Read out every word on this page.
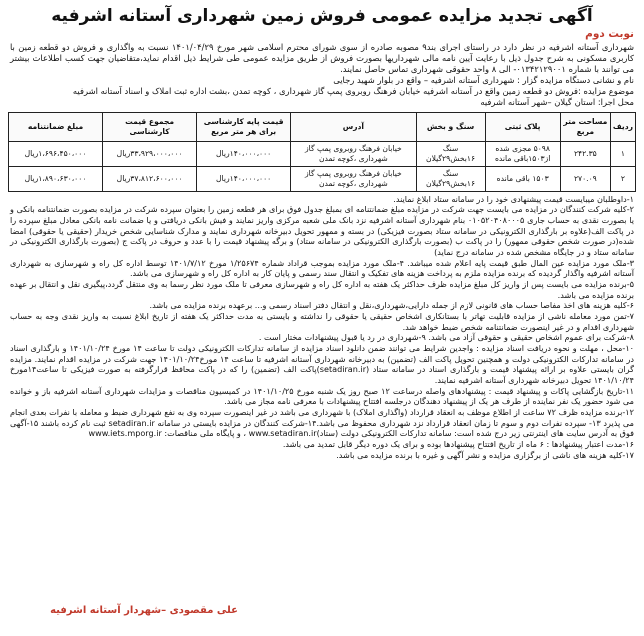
آگهی تجدید مزایده عمومی فروش زمین شهرداری آستانه اشرفیه
نوبت دوم

شهرداری آستانه اشرفیه در نظر دارد در راستای اجرای بند۹ مصوبه صادره از سوی شورای محترم اسلامی شهر مورخ ۱۴۰۱/۰۴/۲۹ نسبت به واگذاری و فروش دو قطعه زمین با کاربری مسکونی به شرح جدول ذیل با رعایت آیین نامه مالی شهرداریها بصورت فروش از طریق مزایده عمومی طی شرایط ذیل اقدام نماید،متقاضیان جهت کسب اطلاعات بیشتر می توانند با شماره ۰۱۳۴۲۱۲۹۰۰۱- الی ۸ واحد حقوقی شهرداری تماس حاصل نمایند.

نام و نشانی دستگاه مزایده گزار : شهرداری آستانه اشرفیه – واقع در بلوار شهید رجایی

موضوع مزایده :فروش دو قطعه زمین واقع در آستانه اشرفیه خیابان فرهنگ روبروی پمپ گاز شهرداری ، کوچه تمدن ،بشت اداره ثبت املاک و اسناد آستانه اشرفیه

محل اجرا: استان گیلان –شهر آستانه اشرفیه

ردیف	مساحت متر مربع	پلاک ثبتی	سنگ و بخش	آدرس	قیمت پایه کارشناسی برای هر متر مربع	مجموع قیمت کارشناسی	مبلغ ضمانتنامه
۱	۲۴۲.۳۵	۵۰۹۸ مجزی شده از۱۵۰۳باقی مانده	سنگ ۱۶بخش۲۹گیلان	خیابان فرهنگ روبروی پمپ گاز شهرداری ،کوچه تمدن	۱۴۰،۰۰۰،۰۰۰ریال	۳۳،۹۲۹،۰۰۰،۰۰۰ریال	۱،۶۹۶،۴۵۰،۰۰۰ریال
۲	۲۷۰.۰۹	۱۵۰۳ باقی مانده	سنگ ۱۶بخش۲۹گیلان	خیابان فرهنگ روبروی پمپ گاز شهرداری ،کوچه تمدن	۱۴۰،۰۰۰،۰۰۰ریال	۳۷،۸۱۲،۶۰۰،۰۰۰ریال	۱،۸۹۰،۶۳۰،۰۰۰ریال

۱-داوطلبان میبایست قیمت پیشنهادی خود را در سامانه ستاد ابلاغ نمایند.

۲-کلیه شرکت کنندگان در مزایده می بایست جهت شرکت در مزایده مبلغ ضمانتنامه ای بمبلغ جدول فوق برای هر قطعه زمین را بعنوان سپرده شرکت در مزایده بصورت ضمانتنامه بانکی و یا بصورت نقدی به حساب جاری ۰۱۰۵۲۰۴۰۸۰۰۰۵ بنام شهرداری آستانه اشرفیه نزد بانک ملی شعبه مرکزی واریز نمایند و فیش بانکی دریافتی و یا ضمانت نامه بانکی معادل مبلغ سپرده را در پاکت الف(علاوه بر بارگذاری الکترونیکی در سامانه ستاد بصورت فیزیکی) در بسته و ممهور تحویل دبیرخانه شهرداری نمایند و مدارک شناسایی شخص خریدار (حقیقی یا حقوقی) امضا شده(در صورت شخص حقوقی ممهور) را در پاکت ب (بصورت بارگذاری الکترونیکی در سامانه ستاد) و برگه پیشنهاد قیمت را با عدد و حروف در پاکت ج (بصورت بارگذاری الکترونیکی در سامانه ستاد و در جایگاه مشخص شده در سامانه درج نماید)

۳-ملک مورد مزایده عین المال طبق قیمت پایه اعلام شده میباشد. ۴-ملک مورد مزایده بموجب قراداد شماره ۱/۲۵۶۷۴ مورخ ۱۴۰۱/۷/۱۲ توسط اداره کل راه و شهرسازی به شهرداری آستانه اشرفیه واگذار گردیده که برنده مزایده ملزم به پرداخت هزینه های تفکیک و انتقال سند رسمی و پایان کار به اداره کل راه و شهرسازی می باشد.

۵-برنده مزایده می بایست پس از واریز کل مبلغ مزایده ظرف حداکثر یک هفته به اداره کل راه و شهرسازی معرفی تا ملک مورد نظر رسما به وی منتقل گردد،پیگیری نقل و انتقال بر عهده برنده مزایده می باشد.

۶-کلیه هزینه های اخذ مفاصا حساب های قانونی لازم از جمله دارایی،شهرداری،نقل و انتقال دفتر اسناد رسمی و... برعهده برنده مزایده می باشد.

۷-تمن مورد معامله ناشی از مزایده قابلیت تهاتر با بستانکاری اشخاص حقیقی یا حقوقی را نداشته و بایستی به مدت حداکثر یک هفته از تاریخ ابلاغ نسبت به واریز نقدی وجه به حساب شهرداری اقدام و در غیر اینصورت ضمانتنامه شخص ضبط خواهد شد.

۸-شرکت برای عموم اشخاص حقیقی و حقوقی آزاد می باشد. ۹-شهرداری در رد یا قبول پیشنهادات مختار است .

۱۰-محل ، مهلت و نحوه دریافت اسناد مزایده : واجدین شرایط می توانند ضمن دانلود اسناد مزایده از سامانه تدارکات الکترونیکی دولت تا ساعت ۱۴ مورخ ۱۴۰۱/۱۰/۲۴ و بارگذاری اسناد در سامانه تدارکات الکترونیکی دولت و همچنین تحویل پاکت الف (تضمین) به دبیرخانه شهرداری آستانه اشرفیه تا ساعت ۱۴ مورخ۱۴۰۱/۱۰/۲۴ جهت شرکت در مزایده اقدام نمایند. مزایده گران بایستی علاوه بر ارائه پیشنهاد قیمت و بارگذاری اسناد در سامانه ستاد (setadiran.ir)پاکت الف (تضمین) را که در پاکت محافظ قرارگرفته به صورت فیزیکی تا ساعت۱۴مورخ ۱۴۰۱/۱۰/۲۴ تحویل دبیرخانه شهرداری آستانه اشرفیه نمایند.

۱۱-تاریخ بازگشایی پاکات و پیشنهاد قیمت : پیشنهادهای واصله درساعت ۱۲ صبح روز یک شنبه مورخ ۱۴۰۱/۱۰/۲۵ در کمیسیون مناقصات و مزایدات شهرداری آستانه اشرفیه باز و خوانده می شود حضور یک نفر نماینده از طرف هر یک از پیشنهاد دهندگان درجلسه افتتاح پیشنهادات با معرفی نامه مجاز می باشد.

۱۲-برنده مزایده ظرف ۷۲ ساعت از اطلاع موظف به انعقاد قرارداد (واگذاری املاک) با شهرداری می باشد در غیر اینصورت سپرده وی به نفع شهرداری ضبط و معامله با نفرات بعدی انجام می پذیرد ۱۳- سپرده نفرات دوم و سوم تا زمان انعقاد قرارداد نزد شهرداری محفوظ می باشد.۱۴-شرکت کنندگان در مزایده بایستی در سامانه setadiran.ir ثبت نام کرده باشند ۱۵-آگهی فوق به آدرس سایت های اینترنتی زیر درج شده است: سامانه تدارکات الکترونیکی دولت (ستاد)www.setadiran.ir ، و پایگاه ملی مناقصات: www.iets.mporg.ir

۱۶-مدت اعتبار پیشنهادها : ۶ ماه از تاریخ افتتاح پیشنهادها بوده و برای یک دوره دیگر قابل تمدید می باشد.

علی مقصودی –شهردار آستانه اشرفیه
۱۷-کلیه هزینه های ناشی از برگزاری مزایده و نشر آگهی و غیره با برنده مزایده می باشد.
